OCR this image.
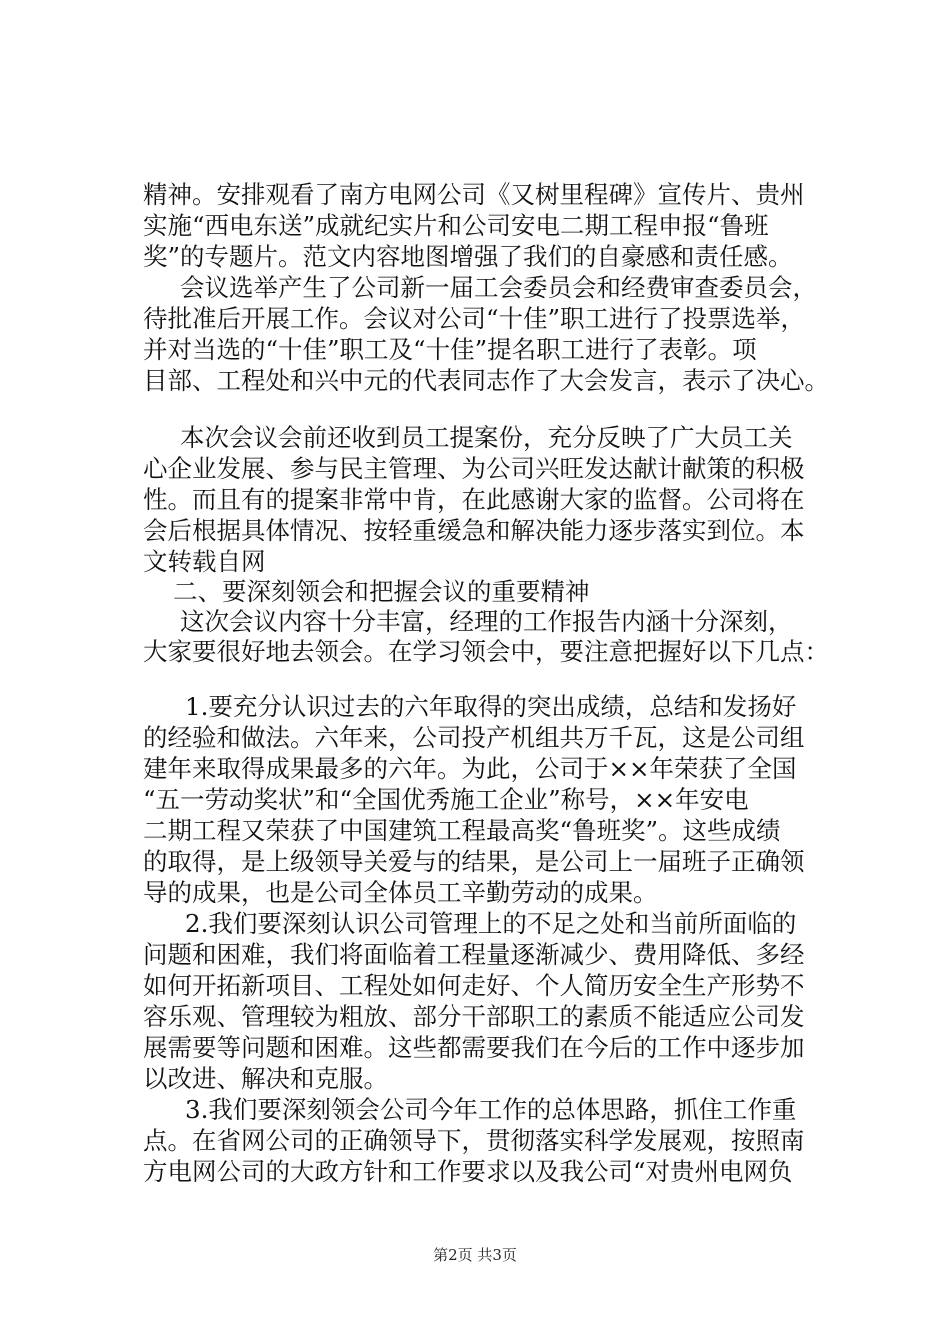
精神。安排观看了南方电网公司《又树里程碑》宣传片、贵州
实施“西电东送”成就纪实片和公司安电二期工程申报“鲁班
奖”的专题片。范文内容地图增强了我们的自豪感和责任感。
会议选举产生了公司新一届工会委员会和经费审查委员会，
待批准后开展工作。会议对公司“十佳”职工进行了投票选举，
并对当选的“十佳”职工及“十佳”提名职工进行了表彰。项
目部、工程处和兴中元的代表同志作了大会发言，表示了决心。
本次会议会前还收到员工提案份，充分反映了广大员工关
心企业发展、参与民主管理、为公司兴旺发达献计献策的积极
性。而且有的提案非常中肯，在此感谢大家的监督。公司将在
会后根据具体情况、按轻重缓急和解决能力逐步落实到位。本
文转载自网
二、要深刻领会和把握会议的重要精神
这次会议内容十分丰富，经理的工作报告内涵十分深刻，
大家要很好地去领会。在学习领会中，要注意把握好以下几点：
1.要充分认识过去的六年取得的突出成绩，总结和发扬好
的经验和做法。六年来，公司投产机组共万千瓦，这是公司组
建年来取得成果最多的六年。为此，公司于××年荣获了全国
“五一劳动奖状”和“全国优秀施工企业”称号，××年安电
二期工程又荣获了中国建筑工程最高奖“鲁班奖”。这些成绩
的取得，是上级领导关爱与的结果，是公司上一届班子正确领
导的成果，也是公司全体员工辛勤劳动的成果。
2.我们要深刻认识公司管理上的不足之处和当前所面临的
问题和困难，我们将面临着工程量逐渐减少、费用降低、多经
如何开拓新项目、工程处如何走好、个人简历安全生产形势不
容乐观、管理较为粗放、部分干部职工的素质不能适应公司发
展需要等问题和困难。这些都需要我们在今后的工作中逐步加
以改进、解决和克服。
3.我们要深刻领会公司今年工作的总体思路，抓住工作重
点。在省网公司的正确领导下，贯彻落实科学发展观，按照南
方电网公司的大政方针和工作要求以及我公司“对贵州电网负
第2页 共3页
